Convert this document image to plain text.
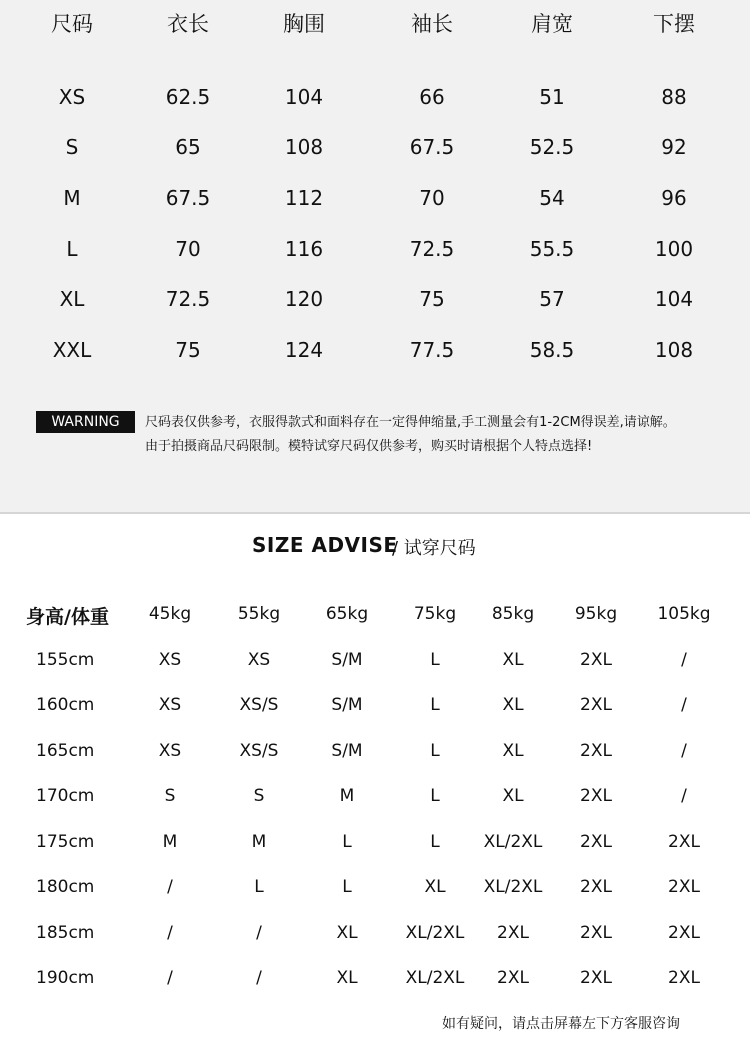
尺码	衣长	胸围	袖长	肩宽	下摆
XS	62.5	104	66	51	88
S	65	108	67.5	52.5	92
M	67.5	112	70	54	96
L	70	116	72.5	55.5	100
XL	72.5	120	75	57	104
XXL	75	124	77.5	58.5	108
WARNING	尺码表仅供参考，衣服得款式和面料存在一定得伸缩量,手工测量会有1-2CM得误差,请谅解。
由于拍摄商品尺码限制。模特试穿尺码仅供参考，购买时请根据个人特点选择!
SIZE ADVISE
/ 试穿尺码
身高/体重 45kg	55kg	65kg	75kg 85kg 95kg 105kg
155cm	XS	XS	S/M	L	XL	2XL	/
160cm	XS	XS/S	S/M	L	XL	2XL	/
165cm	XS	XS/S	S/M	L	XL	2XL	/
170cm	S	S	M	L	XL	2XL	/
175cm	M	M	L	L	XL/2XL 2XL	2XL
180cm	/	L	L	XL XL/2XL 2XL	2XL
185cm	/	/	XL	XL/2XL 2XL	2XL	2XL
190cm	/	/	XL	XL/2XL 2XL	2XL	2XL
如有疑问，请点击屏幕左下方客服咨询
